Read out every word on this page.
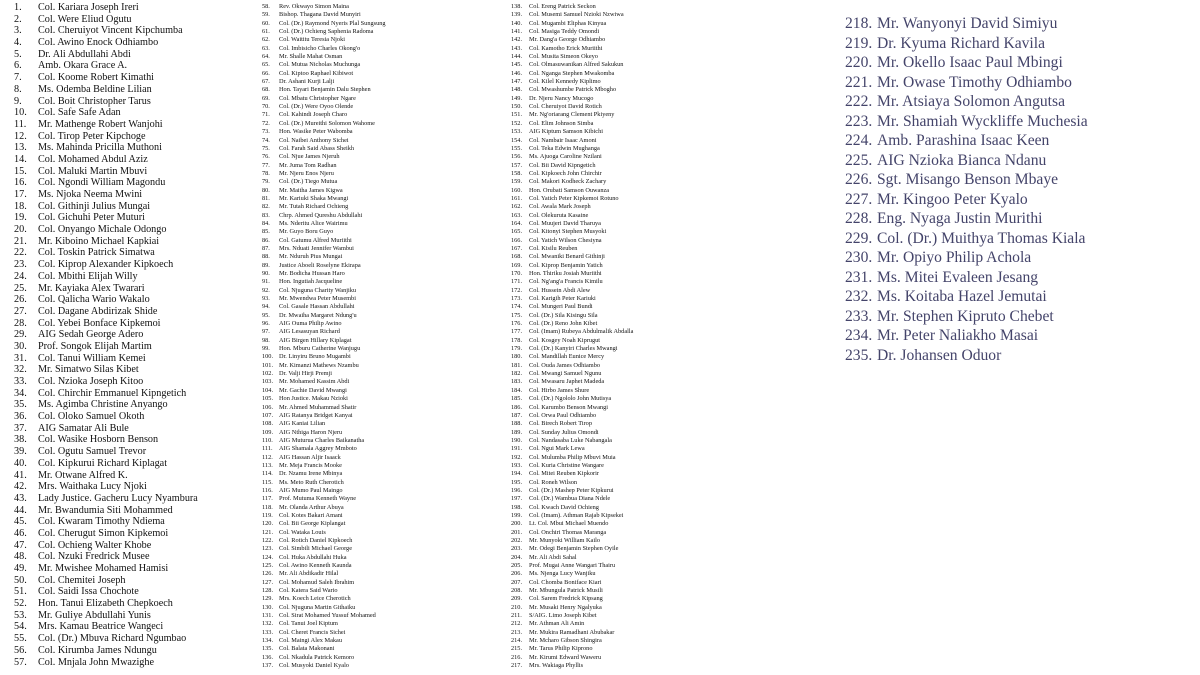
1.	Col. Kariara Joseph Ireri
2.	Col. Were Eliud Ogutu
3.	Col. Cheruiyot Vincent Kipchumba
4.	Col. Awino Enock Odhiambo
5.	Dr. Ali Abdullahi Abdi
6.	Amb. Okara Grace A.
7.	Col. Koome Robert Kimathi
8.	Ms. Odemba Beldine Lilian
9.	Col. Boit Christopher Tarus
10.	Col. Safe Safe Adan
11.	Mr. Mathenge Robert Wanjohi
12.	Col. Tirop Peter Kipchoge
13.	Ms. Mahinda Pricilla Muthoni
14.	Col. Mohamed Abdul Aziz
15.	Col. Maluki Martin Mbuvi
16.	Col. Ngondi William Magondu
17.	Ms. Njoka Neema Mwini
18.	Col. Githinji Julius Mungai
19.	Col. Gichuhi Peter Muturi
20.	Col. Onyango Michale Odongo
21.	Mr. Kiboino Michael Kapkiai
22.	Col. Toskin Patrick Simatwa
23.	Col. Kiprop Alexander Kipkoech
24.	Col. Mbithi Elijah Willy
25.	Mr. Kayiaka Alex Twarari
26.	Col. Qalicha Wario Wakalo
27.	Col. Dagane Abdirizak Shide
28.	Col. Yebei Bonface Kipkemoi
29.	AIG Sedah George Adero
30.	Prof. Songok Elijah Martim
31.	Col. Tanui William Kemei
32.	Mr. Simatwo Silas Kibet
33.	Col. Nzioka Joseph Kitoo
34.	Col. Chirchir Emmanuel Kipngetich
35.	Ms. Agimba Christine Anyango
36.	Col. Oloko Samuel Okoth
37.	AIG Samatar Ali Bule
38.	Col. Wasike Hosborn Benson
39.	Col. Ogutu Samuel Trevor
40.	Col. Kipkurui Richard Kiplagat
41.	Mr. Otwane Alfred K.
42.	Mrs. Waithaka Lucy Njoki
43.	Lady Justice. Gacheru Lucy Nyambura
44.	Mr. Bwandumia Siti Mohammed
45.	Col. Kwaram Timothy Ndiema
46.	Col. Cherugut Simon Kipkemoi
47.	Col. Ochieng Walter Khobe
48.	Col. Nzuki Fredrick Musee
49.	Mr. Mwishee Mohamed Hamisi
50.	Col. Chemitei Joseph
51.	Col. Saidi Issa Chochote
52.	Hon. Tanui Elizabeth Chepkoech
53.	Mr. Guliye Abdullahi Yunis
54.	Mrs. Kamau Beatrice Wangeci
55.	Col. (Dr.) Mbuva Richard Ngumbao
56.	Col. Kirumba James Ndungu
57.	Col. Mnjala John Mwazighe
58.	Rev. Okwayo Simon Maina
59.	Bishop. Thagana David Munyiri
60.	Col. (Dr.) Raymond Nyeris Plal Sungsung
61.	Col. (Dr.) Ochieng Saphenia Radoma
62.	Col. Waititu Teresia Njoki
63.	Col. Imbisicho Charles Okong'o
64.	Mr. Shalle Mahat Osman
65.	Col. Mutua Nicholas Muchunga
66.	Col. Kiptoo Raphael Kibiwot
67.	Dr. Ashani Kurji Lalji
68.	Hon. Tayari Benjamin Dalu Stephen
69.	Col. Mbatu Christopher Ngare
70.	Col. (Dr.) Were Oyoo Olende
71.	Col. Kahindi Joseph Charo
72.	Col. (Dr.) Mureithi Solomon Wahome
73.	Hon. Wasike Peter Wabomba
74.	Col. Naibei Anthony Sichei
75.	Col. Farah Said Abass Sheikh
76.	Col. Njue James Njeruh
77.	Mr. Juma Tom Radhan
78.	Mr. Njeru Enos Njeru
79.	Col. (Dr.) Tiego Mutua
80.	Mr. Maitha James Kigwa
81.	Mr. Kariuki Shaka Mwangi
82.	Mr. Tutah Richard Ochieng
83.	Chrp. Ahmed Qureshu Abdullahi
84.	Ms. Nderitu Alice Wairimu
85.	Mr. Guyo Boru Guyo
86.	Col. Gatumu Alfred Muriithi
87.	Mrs. Nduati Jennifer Wambui
88.	Mr. Nduruh Pius Mungai
89.	Justice Aboeli Roselyne Ekirapa
90.	Mr. Bodicha Hussan Haro
91.	Hon. Ingutiah Jacqueline
92.	Col. Njuguna Charity Wanjiku
93.	Mr. Mwendwa Peter Musembi
94.	Col. Gasale Hassan Abdullahi
95.	Dr. Mwaiha Margaret Ndung'u
96.	AIG Ouma Philip Awino
97.	AIG Lesasuyan Richard
98.	AIG Birgen Hillary Kiplagat
99.	Hon. Mburu Catherine Wanjugu
100. Dr. Linyiru Bruno Mugambi
101. Mr. Kimanzi Mathews Nzambu
102. Dr. Valji Hirji Premji
103. Mr. Mohamed Kassim Abdi
104. Mr. Gachie David Mwangi
105. Hon Justice. Makau Nzioki
106. Mr. Ahmed Muhammad Shatir
107. AIG Ratanya Bridget Kanyai
108. AIG Kaniai Lilian
109. AIG Nthiga Haron Njeru
110. AIG Muturua Charles Baikanatha
111.	AIG Shamala Aggrey Mmboto
112. AIG Hassan Aljir Isaack
113. Mr. Meja Francis Mooke
114. Dr. Nzamu Irene Mbinya
115. Ms. Meto Ruth Cherotich
116. AIG Mumo Paul Maingo
117. Prof. Mutuma Kenneth Wayne
118. Mr. Olanda Arthur Abuya
119. Col. Kotes Bakari Amani
120. Col. Bii George Kiplangat
121. Col. Wataka Louis
122. Col. Rotich Daniel Kipkoech
123. Col. Simbili Michael George
124. Col. Huka Abdullahi Huka
125. Col. Awino Kenneth Kaunda
126. Mr. Ali Abdikadir Hilal
127. Col. Mohamud Saleh Ibrahim
128. Col. Katera Said Wario
129. Mrs. Koech Leice Cherotich
130. Col. Njuguna Martin Githaiku
131. Col. Sirat Mohamed Yussuf Mohamed
132. Col. Tanui Joel Kiptum
133. Col. Cheret Francis Sichei
134. Col. Maingi Alex Makau
135. Col. Balata Makonani
136. Col. Nkadula Patrick Kemoro
137. Col. Musyoki Daniel Kyalo
138.	Col. Ereng Patrick Seckon
139.	Col. Musemi Samuel Nzioki Nzwiwa
140.	Col. Mugambi Eliphas Kinyua
141.	Col. Masiga Teddy Omondi
142.	Mr. Dang'a George Odhiambo
143.	Col. Kamotho Erick Muriithi
144.	Col. Musita Simeon Okeyo
145.	Col. Olmasuwanikan Alfred Sakukun
146.	Col. Nganga Stephen Mwakomba
147.	Col. Kilel Kennedy Kiplimo
148.	Col. Mwashumbe Patrick Mbogho
149.	Dr. Njeru Nancy Mucogo
150.	Col. Cheruiyot David Rotich
151.	Mr. Ng'oriarang Clement Pkiyeny
152.	Col. Elim Johnson Simba
153.	AIG Kiptum Samson Kibichi
154.	Col. Nambair Isaac Amoni
155.	Col. Teka Edwin Mughanga
156.	Ms. Ajuoga Caroline Nzilani
157.	Col. Bii David Kipngetich
158.	Col. Kipkoech John Chirchir
159.	Col. Makori Kodheck Zachary
160.	Hon. Orubati Samson Ouwanza
161.	Col. Yatich Peter Kipkemoi Rotuno
162.	Col. Awala Mark Joseph
163.	Col. Olekuruta Kasaine
164.	Col. Muujeri David Tharuya
165.	Col. Kitonyi Stephen Musyoki
166.	Col. Yatich Wilson Chesiyna
167.	Col. Kisilu Reuben
168.	Col. Mwaniki Benard Githinji
169.	Col. Kiprop Benjamin Yatich
170.	Hon. Thiriku Josiah Muriithi
171.	Col. Ng'ang'a Francis Kimilu
172.	Col. Hussein Abdi Alew
173.	Col. Karigih Peter Kariuki
174.	Col. Mungeri Paul Bundi
175.	Col. (Dr.) Sila Kisingu Sila
176.	Col. (Dr.) Reno John Kibet
177.	Col. (Imam) Rubeya Abdulmalik Abdalla
178.	Col. Kosgey Noah Kiprugut
179.	Col. (Dr.) Kanyiri Charles Mwangi
180.	Col. Mandillah Eunice Mercy
181.	Col. Ouda James Odhiambo
182.	Col. Mwangi Samuel Ngunu
183.	Col. Mwasaru Japhet Madeda
184.	Col. Hirbo James Shure
185.	Col. (Dr.) Ngololo John Mutisya
186.	Col. Karumbo Benson Mwangi
187.	Col. Orwa Paul Odhiambo
188.	Col. Birech Robert Tirop
189.	Col. Sunday Julius Omondi
190.	Col. Nandasaba Luke Nabangala
191.	Col. Ngui Mark Lewa
192.	Col. Mulumba Philip Mbuvi Muia
193.	Col. Kuria Christine Wangare
194.	Col. Mitei Reuben Kipkorir
195.	Col. Roneh Wilson
196.	Col. (Dr.) Mashep Peter Kipkurui
197.	Col. (Dr.) Wambua Diana Ndele
198.	Col. Kwach David Ochieng
199.	Col. (Imam). Athman Rajab Kipsekei
200.	Lt. Col. Mbui Michael Muendo
201.	Col. Onchiri Thomas Maranga
202.	Mr. Munyoki William Kailo
203.	Mr. Odegi Benjamin Stephen Oyile
204.	Mr. Ali Abdi Sahal
205.	Prof. Mugai Anne Wangari Thairu
206.	Ms. Njenga Lucy Wanjiku
207.	Col. Chomba Boniface Kiari
208.	Mr. Mbungula Patrick Musili
209.	Col. Sarem Fredrick Kipsang
210.	Mr. Musaki Henry Ngalyuka
211.	S/AIG. Limo Joseph Kibet
212.	Mr. Athman Ali Amin
213.	Mr. Mukira Ramadhani Abubakar
214.	Mr. Mcharo Gibson Shingira
215.	Mr. Tarus Philip Kiprono
216.	Mr. Kirumi Edward Waweru
217.	Mrs. Wakiaga Phyllis
218. Mr. Wanyonyi David Simiyu
219. Dr. Kyuma Richard Kavila
220. Mr. Okello Isaac Paul Mbingi
221. Mr. Owase Timothy Odhiambo
222. Mr. Atsiaya Solomon Angutsa
223. Mr. Shamiah Wyckliffe Muchesia
224. Amb. Parashina Isaac Keen
225. AIG Nzioka Bianca Ndanu
226. Sgt. Misango Benson Mbaye
227. Mr. Kingoo Peter Kyalo
228. Eng. Nyaga Justin Murithi
229. Col. (Dr.) Muithya Thomas Kiala
230. Mr. Opiyo Philip Achola
231. Ms. Mitei Evaleen Jesang
232. Ms. Koitaba Hazel Jemutai
233. Mr. Stephen Kipruto Chebet
234. Mr. Peter Naliakho Masai
235. Dr. Johansen Oduor
